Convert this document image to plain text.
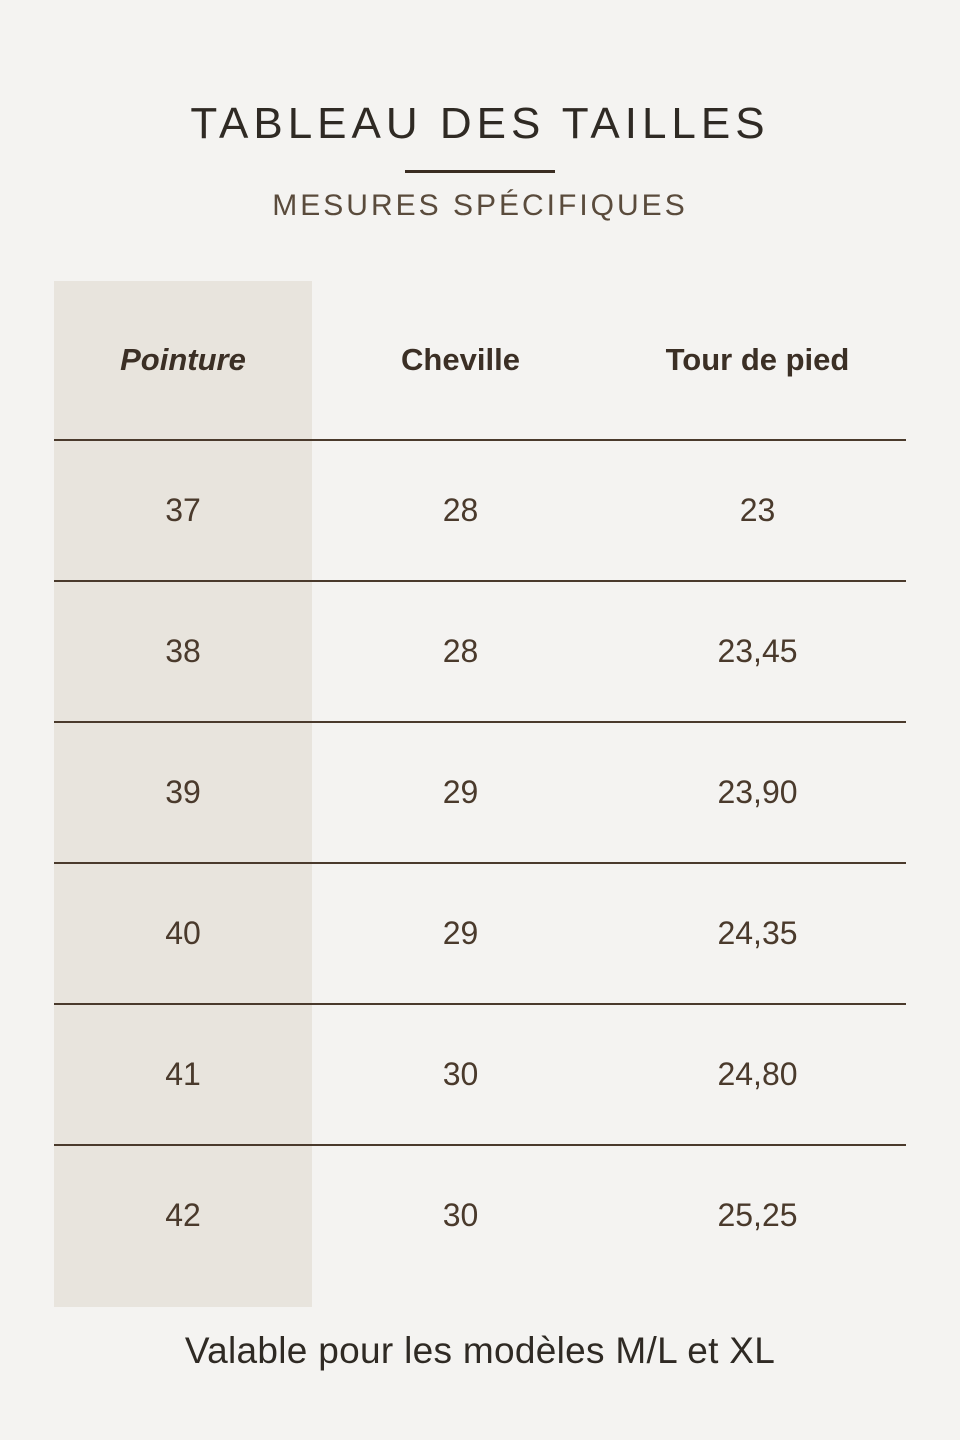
TABLEAU DES TAILLES
MESURES SPÉCIFIQUES
Pointure	Cheville	Tour de pied
37	28	23
38	28	23,45
39	29	23,90
40	29	24,35
41	30	24,80
42	30	25,25
Valable pour les modèles M/L et XL
